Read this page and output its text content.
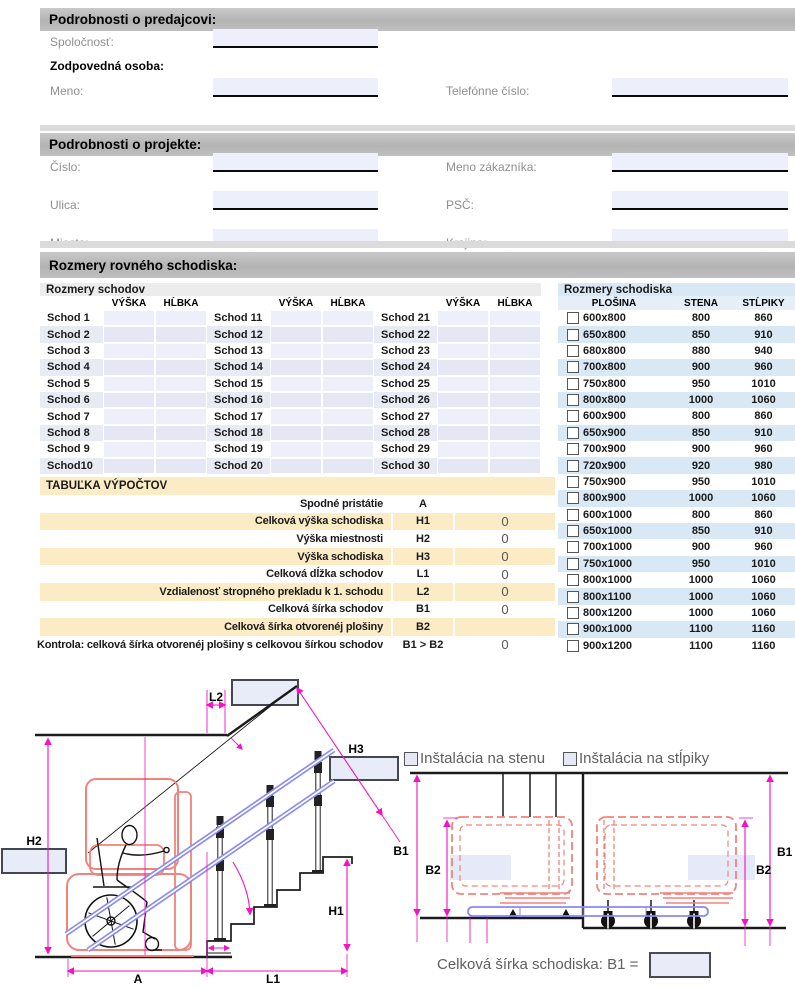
Podrobnosti o predajcovi:
Spoločnosť:
Zodpovedná osoba:
Meno:	Telefónne číslo:
Podrobnosti o projekte:
Číslo:
Ulica:
Meno zákazníka:
PSČ:
Rozmery rovného schodiska:
Rozmery schodov
VÝŠKA	HĹBKA	VÝŠKA	HĹBKA	VÝŠKA	HĹBKA
Schod 1	Schod 11	Schod 21
Schod 2	Schod 12	Schod 22
Schod 3	Schod 13	Schod 23
Schod 4	Schod 14	Schod 24
Schod 5	Schod 15	Schod 25
Schod 6	Schod 16	Schod 26
Schod 7	Schod 17	Schod 27
Schod 8	Schod 18	Schod 28
Schod 9	Schod 19	Schod 29
Schod10	Schod 20	Schod 30
TABUĽKA VÝPOČTOV
Spodné pristátie	A
Celková výška schodiska	H1	0
Výška miestnosti	H2	0
Výška schodiska	H3	0
Celková dĺžka schodov	L1	0
Vzdialenosť stropného prekladu k 1. schodu	L2	0
Celková šírka schodov	B1	0
Celková šírka otvorenéj plošiny	B2
Kontrola: celková šírka otvorenéj plošiny s celkovou šírkou schodov	B1 > B2	0
Rozmery schodiska
PLOŠINA	STENA	STĹPIKY
600x800	800	860
650x800	850	910
680x800	880	940
700x800	900	960
750x800	950	1010
800x800	1000	1060
600x900	800	860
650x900	850	910
700x900	900	960
720x900	920	980
750x900	950	1010
800x900	1000	1060
600x1000	800	860
650x1000	850	910
700x1000	900	960
750x1000	950	1010
800x1000	1000	1060
800x1100	1000	1060
800x1200	1000	1060
900x1000	1100	1160
900x1200	1100	1160
L2
H3
H2
H1
B1
A	L1
B2	B2
B1
Inštalácia na stenu Inštalácia na stĺpiky
Celková šírka schodiska: B1 =
